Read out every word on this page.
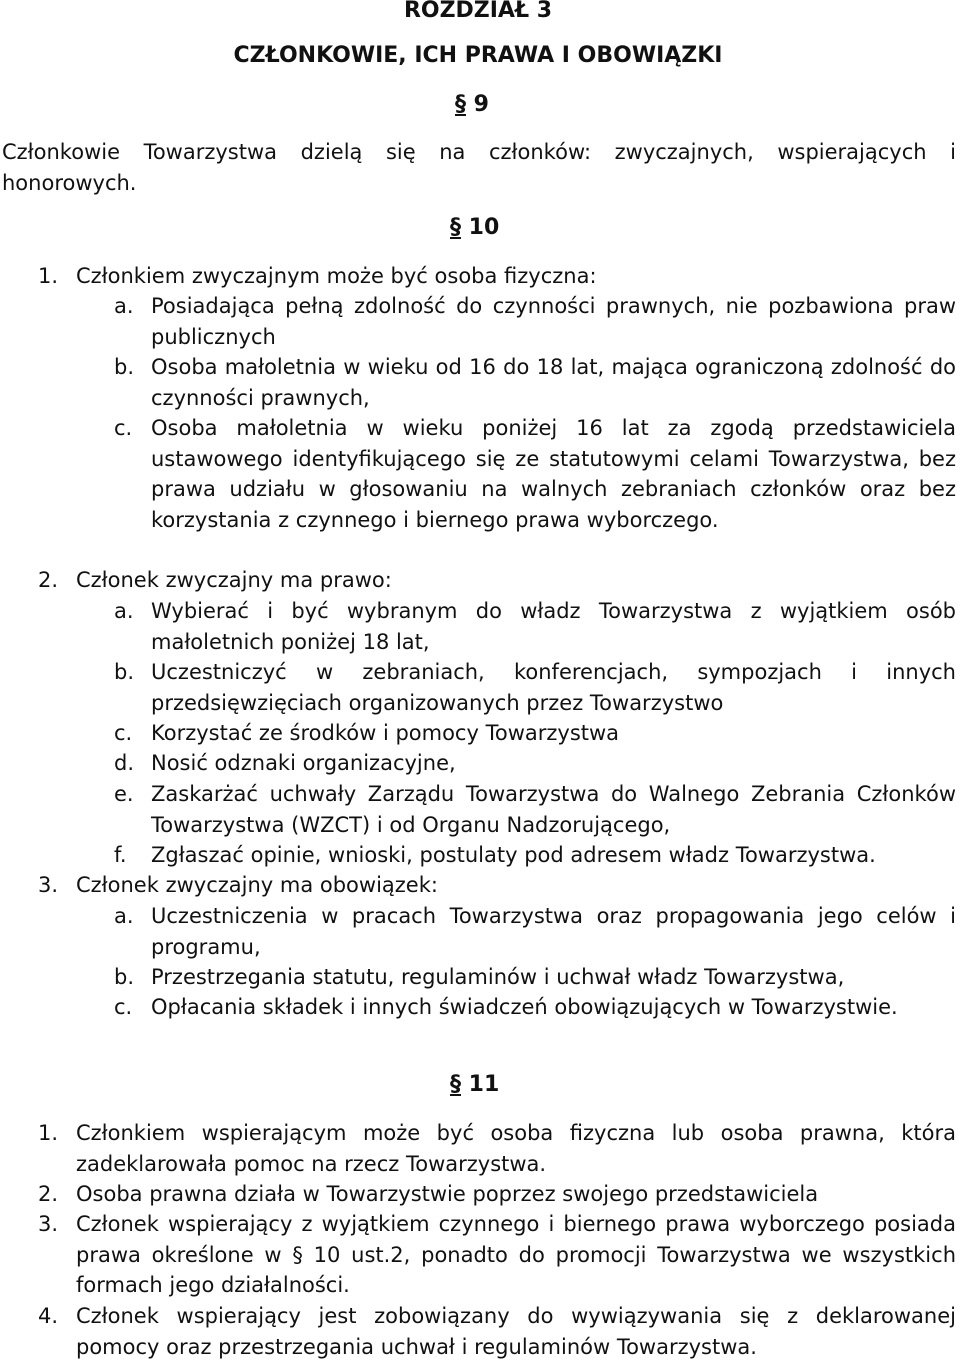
ROZDZIAŁ 3
CZŁONKOWIE, ICH PRAWA I OBOWIĄZKI
§ 9
Członkowie Towarzystwa dzielą się na członków: zwyczajnych, wspierających i honorowych.
§ 10
1. Członkiem zwyczajnym może być osoba fizyczna:
a. Posiadająca pełną zdolność do czynności prawnych, nie pozbawiona praw publicznych
b. Osoba małoletnia w wieku od 16 do 18 lat, mająca ograniczoną zdolność do czynności prawnych,
c. Osoba małoletnia w wieku poniżej 16 lat za zgodą przedstawiciela ustawowego identyfikującego się ze statutowymi celami Towarzystwa, bez prawa udziału w głosowaniu na walnych zebraniach członków oraz bez korzystania z czynnego i biernego prawa wyborczego.
2. Członek zwyczajny ma prawo:
a. Wybierać i być wybranym do władz Towarzystwa z wyjątkiem osób małoletnich poniżej 18 lat,
b. Uczestniczyć w zebraniach, konferencjach, sympozjach i innych przedsięwzięciach organizowanych przez Towarzystwo
c. Korzystać ze środków i pomocy Towarzystwa
d. Nosić odznaki organizacyjne,
e. Zaskarżać uchwały Zarządu Towarzystwa do Walnego Zebrania Członków Towarzystwa (WZCT) i od Organu Nadzorującego,
f. Zgłaszać opinie, wnioski, postulaty pod adresem władz Towarzystwa.
3. Członek zwyczajny ma obowiązek:
a. Uczestniczenia w pracach Towarzystwa oraz propagowania jego celów i programu,
b. Przestrzegania statutu, regulaminów i uchwał władz Towarzystwa,
c. Opłacania składek i innych świadczeń obowiązujących w Towarzystwie.
§ 11
1. Członkiem wspierającym może być osoba fizyczna lub osoba prawna, która zadeklarowała pomoc na rzecz Towarzystwa.
2. Osoba prawna działa w Towarzystwie poprzez swojego przedstawiciela
3. Członek wspierający z wyjątkiem czynnego i biernego prawa wyborczego posiada prawa określone w § 10 ust.2, ponadto do promocji Towarzystwa we wszystkich formach jego działalności.
4. Członek wspierający jest zobowiązany do wywiązywania się z deklarowanej pomocy oraz przestrzegania uchwał i regulaminów Towarzystwa.
